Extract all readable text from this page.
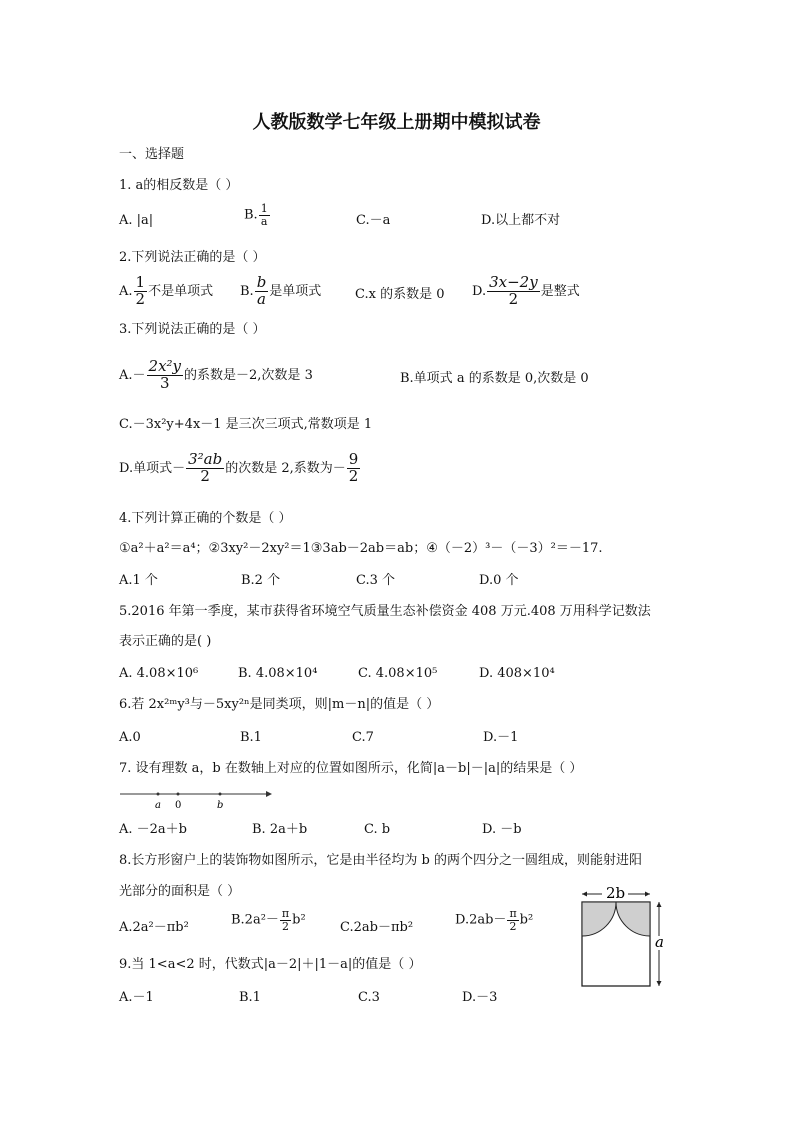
人教版数学七年级上册期中模拟试卷
一、选择题
1. a的相反数是（ ）
A. |a|	B. $\frac{1}{a}$	C.－a	D.以上都不对
2.下列说法正确的是（ ）
A. $\frac{1}{2}$ 不是单项式 B. $\frac{b}{a}$ 是单项式	C.x 的系数是 0 D. $\frac{3x-2y}{2}$ 是整式
3.下列说法正确的是（ ）
$A.- \frac{\text{2x²y}}{3}$ 的系数是－2,次数是 3	B.单项式 a 的系数是 0,次数是 0
C.－3x²y+4x－1 是三次三项式,常数项是 1
D.单项式－ $\frac{\text{3²ab}}{2}$ 的次数是 2,系数为－ $\frac{9}{2}$
4.下列计算正确的个数是（ ）
①a²＋a²＝a⁴；②3xy²－2xy²＝1③3ab－2ab＝ab；④（－2）³－（－3）²＝－17.
A.1 个	B.2 个	C.3 个	D.0 个
5.2016 年第一季度，某市获得省环境空气质量生态补偿资金 408 万元.408 万用科学记数法
表示正确的是( )
A. 4.08×10⁶	B. 4.08×10⁴	C. 4.08×10⁵	D. 408×10⁴
6.若 2x²ᵐy³与－5xy²ⁿ是同类项，则|m－n|的值是（ ）
A.0	B.1	C.7	D.－1
7. 设有理数 a，b 在数轴上对应的位置如图所示，化简|a－b|－|a|的结果是（ ）
a 0	b
A. －2a＋b	B. 2a＋b	C. b	D. －b
8.长方形窗户上的装饰物如图所示，它是由半径均为 b 的两个四分之一圆组成，则能射进阳
光部分的面积是（ ）
A.2a²－πb²	$B.2a^2- \frac{\pi}{2} b^2$	C.2ab－πb²	$D.2ab- \frac{\pi}{2} b^2$
2b
a
9.当 1<a<2 时，代数式|a－2|＋|1－a|的值是（ ）
A.－1	B.1	C.3	D.－3
